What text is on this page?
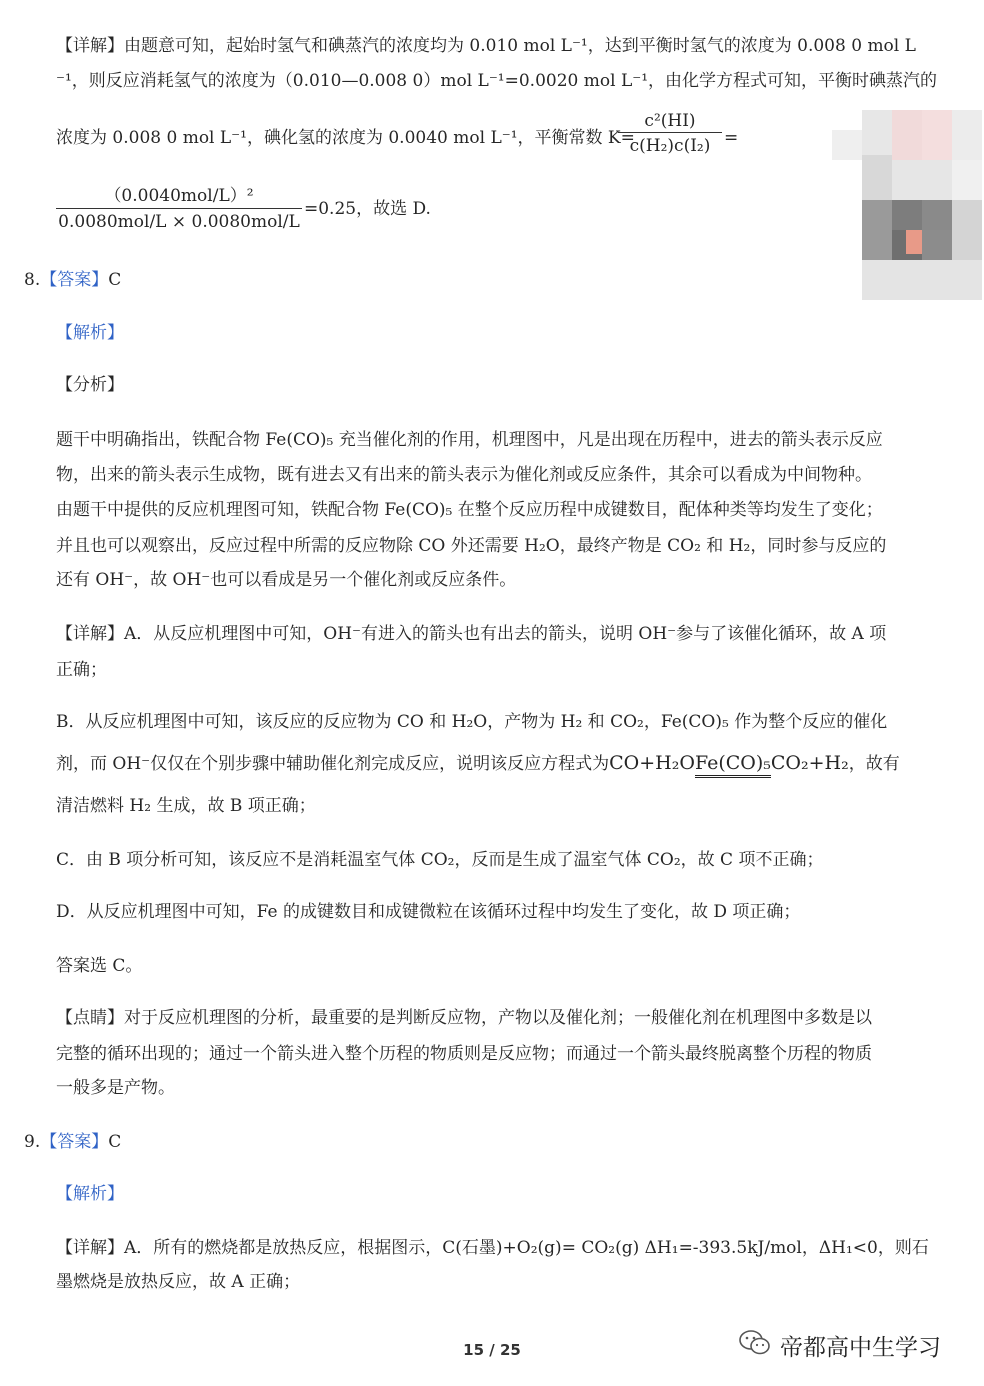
【详解】由题意可知，起始时氢气和碘蒸汽的浓度均为 0.010 mol L⁻¹，达到平衡时氢气的浓度为 0.008 0 mol L
⁻¹，则反应消耗氢气的浓度为（0.010—0.008 0）mol L⁻¹=0.0020 mol L⁻¹，由化学方程式可知，平衡时碘蒸汽的
浓度为 0.008 0 mol L⁻¹，碘化氢的浓度为 0.0040 mol L⁻¹，平衡常数 K=
$\frac{\text{c²(HI)}}{\text{c(H₂)c(I₂)}}$ =
（0.0040mol/L）²
0.0080mol/L × 0.0080mol/L
=0.25，故选 D.
8.【答案】C
【解析】
【分析】
题干中明确指出，铁配合物 Fe(CO)₅ 充当催化剂的作用，机理图中，凡是出现在历程中，进去的箭头表示反应
物，出来的箭头表示生成物，既有进去又有出来的箭头表示为催化剂或反应条件，其余可以看成为中间物种。
由题干中提供的反应机理图可知，铁配合物 Fe(CO)₅ 在整个反应历程中成键数目，配体种类等均发生了变化；
并且也可以观察出，反应过程中所需的反应物除 CO 外还需要 H₂O，最终产物是 CO₂ 和 H₂，同时参与反应的
还有 OH⁻，故 OH⁻也可以看成是另一个催化剂或反应条件。
【详解】A．从反应机理图中可知，OH⁻有进入的箭头也有出去的箭头，说明 OH⁻参与了该催化循环，故 A 项
正确；
B．从反应机理图中可知，该反应的反应物为 CO 和 H₂O，产物为 H₂ 和 CO₂，Fe(CO)₅ 作为整个反应的催化
剂，而 OH⁻仅仅在个别步骤中辅助催化剂完成反应，说明该反应方程式为CO+H₂OFe(CO)₅CO₂+H₂，故有
清洁燃料 H₂ 生成，故 B 项正确；
C．由 B 项分析可知，该反应不是消耗温室气体 CO₂，反而是生成了温室气体 CO₂，故 C 项不正确；
D．从反应机理图中可知，Fe 的成键数目和成键微粒在该循环过程中均发生了变化，故 D 项正确；
答案选 C。
【点睛】对于反应机理图的分析，最重要的是判断反应物，产物以及催化剂；一般催化剂在机理图中多数是以
完整的循环出现的；通过一个箭头进入整个历程的物质则是反应物；而通过一个箭头最终脱离整个历程的物质
一般多是产物。
9.【答案】C
【解析】
【详解】A．所有的燃烧都是放热反应，根据图示，C(石墨)+O₂(g)= CO₂(g) ΔH₁=-393.5kJ/mol，ΔH₁<0，则石
墨燃烧是放热反应，故 A 正确；
15 / 25	帝都高中生学习
